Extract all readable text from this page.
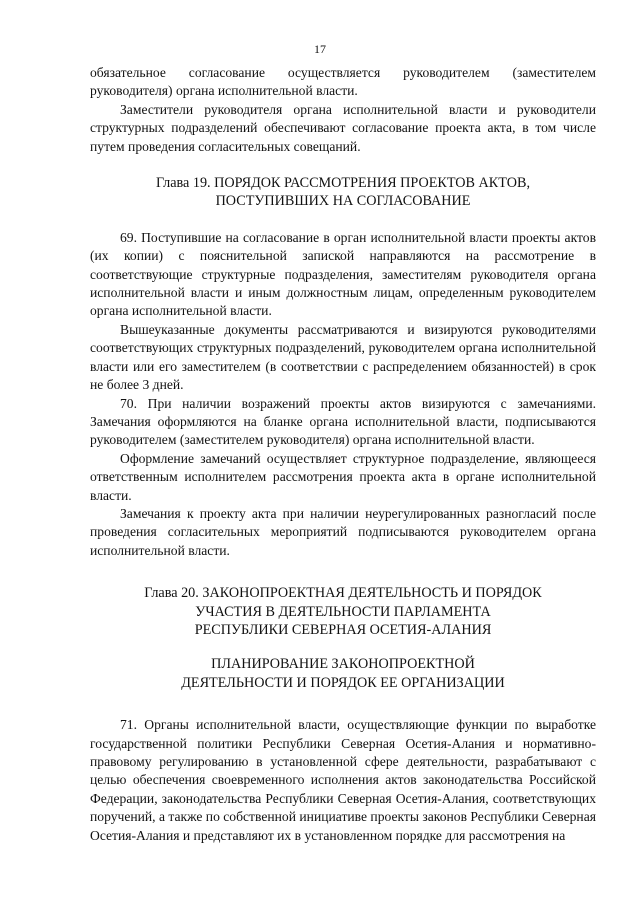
17

обязательное согласование осуществляется руководителем (заместителем руководителя) органа исполнительной власти.

Заместители руководителя органа исполнительной власти и руководители структурных подразделений обеспечивают согласование проекта акта, в том числе путем проведения согласительных совещаний.

Глава 19. ПОРЯДОК РАССМОТРЕНИЯ ПРОЕКТОВ АКТОВ,
ПОСТУПИВШИХ НА СОГЛАСОВАНИЕ

69. Поступившие на согласование в орган исполнительной власти проекты актов (их копии) с пояснительной запиской направляются на рассмотрение в соответствующие структурные подразделения, заместителям руководителя органа исполнительной власти и иным должностным лицам, определенным руководителем органа исполнительной власти.

Вышеуказанные документы рассматриваются и визируются руководителями соответствующих структурных подразделений, руководителем органа исполнительной власти или его заместителем (в соответствии с распределением обязанностей) в срок не более 3 дней.

70. При наличии возражений проекты актов визируются с замечаниями. Замечания оформляются на бланке органа исполнительной власти, подписываются руководителем (заместителем руководителя) органа исполнительной власти.

Оформление замечаний осуществляет структурное подразделение, являющееся ответственным исполнителем рассмотрения проекта акта в органе исполнительной власти.

Замечания к проекту акта при наличии неурегулированных разногласий после проведения согласительных мероприятий подписываются руководителем органа исполнительной власти.

Глава 20. ЗАКОНОПРОЕКТНАЯ ДЕЯТЕЛЬНОСТЬ И ПОРЯДОК
УЧАСТИЯ В ДЕЯТЕЛЬНОСТИ ПАРЛАМЕНТА
РЕСПУБЛИКИ СЕВЕРНАЯ ОСЕТИЯ-АЛАНИЯ
ПЛАНИРОВАНИЕ ЗАКОНОПРОЕКТНОЙ
ДЕЯТЕЛЬНОСТИ И ПОРЯДОК ЕЕ ОРГАНИЗАЦИИ

71. Органы исполнительной власти, осуществляющие функции по выработке государственной политики Республики Северная Осетия-Алания и нормативно-правовому регулированию в установленной сфере деятельности, разрабатывают с целью обеспечения своевременного исполнения актов законодательства Российской Федерации, законодательства Республики Северная Осетия-Алания, соответствующих поручений, а также по собственной инициативе проекты законов Республики Северная Осетия-Алания и представляют их в установленном порядке для рассмотрения на
